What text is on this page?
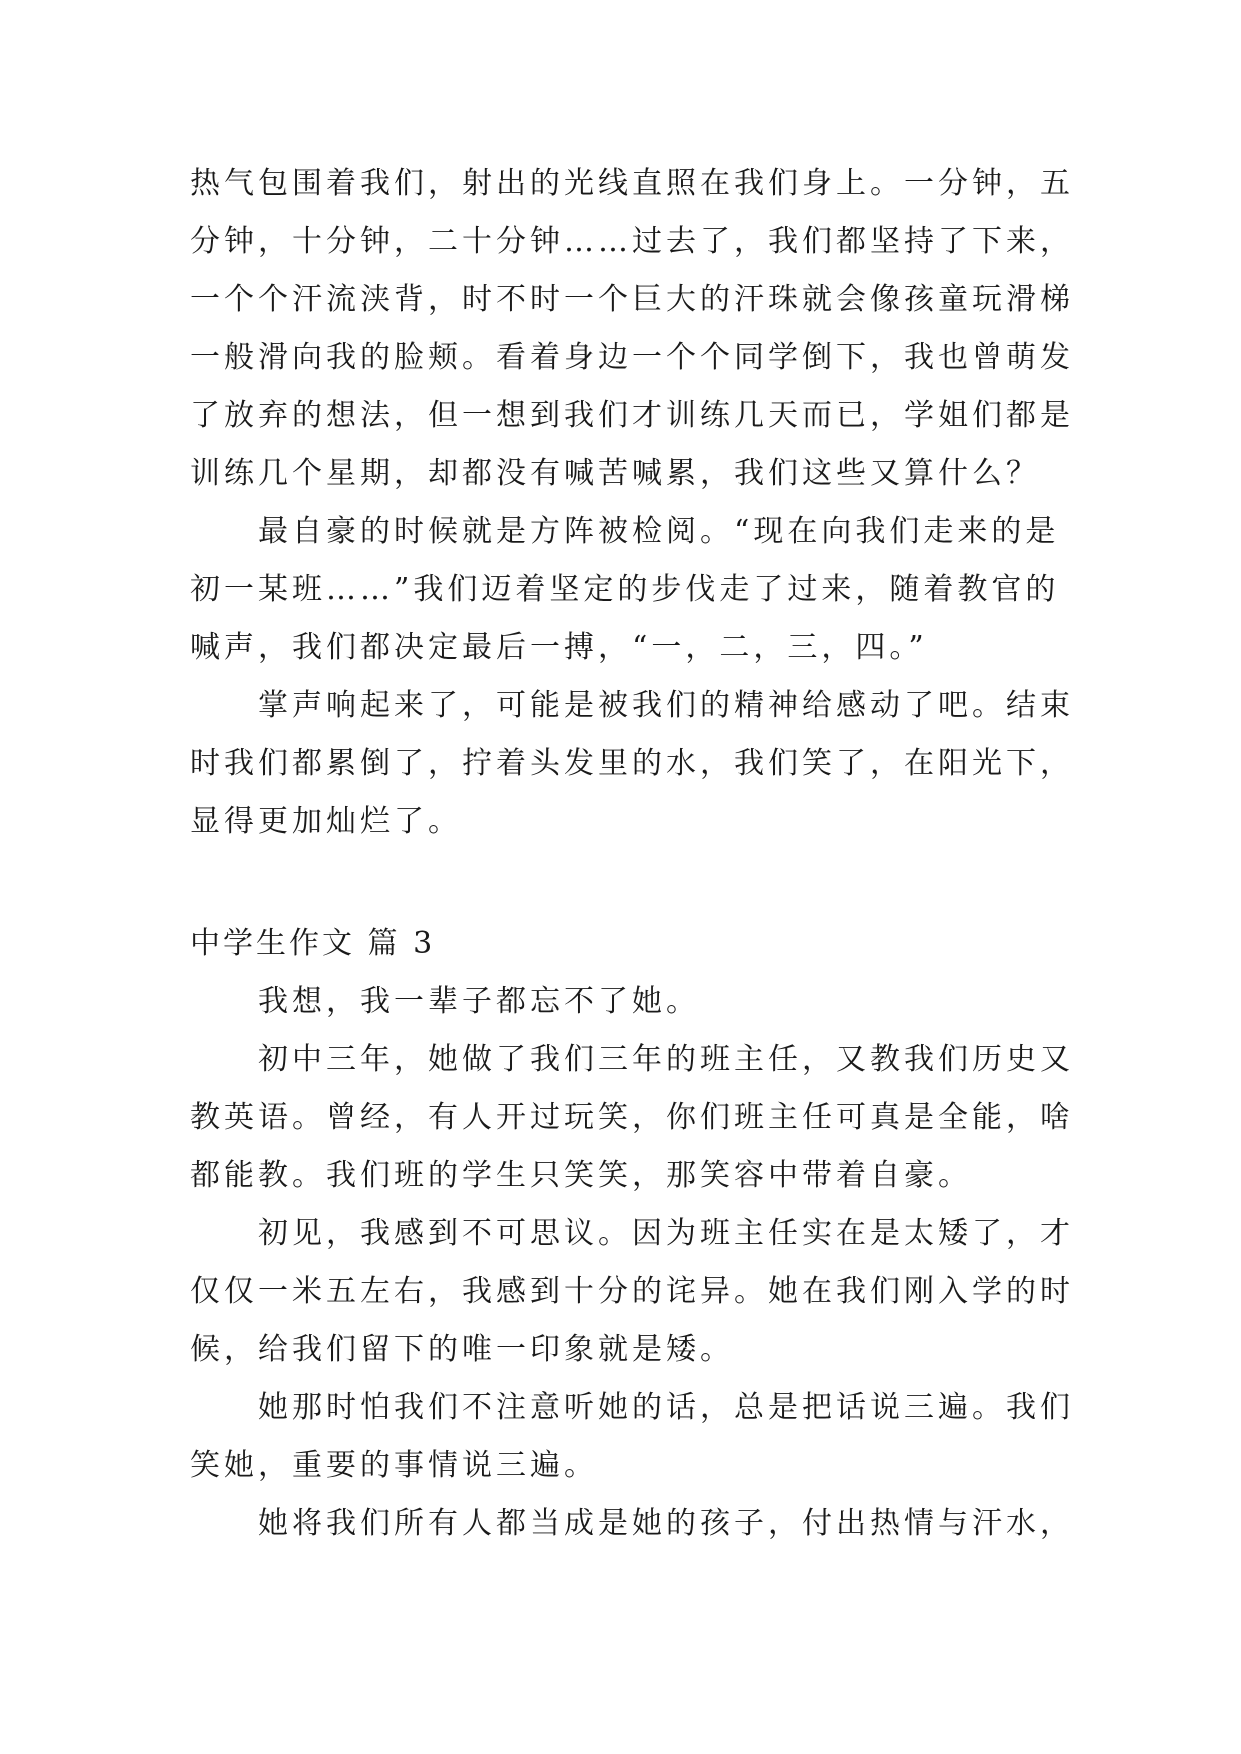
热气包围着我们，射出的光线直照在我们身上。一分钟，五
分钟，十分钟，二十分钟……过去了，我们都坚持了下来，
一个个汗流浃背，时不时一个巨大的汗珠就会像孩童玩滑梯
一般滑向我的脸颊。看着身边一个个同学倒下，我也曾萌发
了放弃的想法，但一想到我们才训练几天而已，学姐们都是
训练几个星期，却都没有喊苦喊累，我们这些又算什么？
　　最自豪的时候就是方阵被检阅。“现在向我们走来的是
初一某班……”我们迈着坚定的步伐走了过来，随着教官的
喊声，我们都决定最后一搏，“一，二，三，四。”
　　掌声响起来了，可能是被我们的精神给感动了吧。结束
时我们都累倒了，拧着头发里的水，我们笑了，在阳光下，
显得更加灿烂了。
中学生作文 篇 3
　　我想，我一辈子都忘不了她。
　　初中三年，她做了我们三年的班主任，又教我们历史又
教英语。曾经，有人开过玩笑，你们班主任可真是全能，啥
都能教。我们班的学生只笑笑，那笑容中带着自豪。
　　初见，我感到不可思议。因为班主任实在是太矮了，才
仅仅一米五左右，我感到十分的诧异。她在我们刚入学的时
候，给我们留下的唯一印象就是矮。
　　她那时怕我们不注意听她的话，总是把话说三遍。我们
笑她，重要的事情说三遍。
　　她将我们所有人都当成是她的孩子，付出热情与汗水，
